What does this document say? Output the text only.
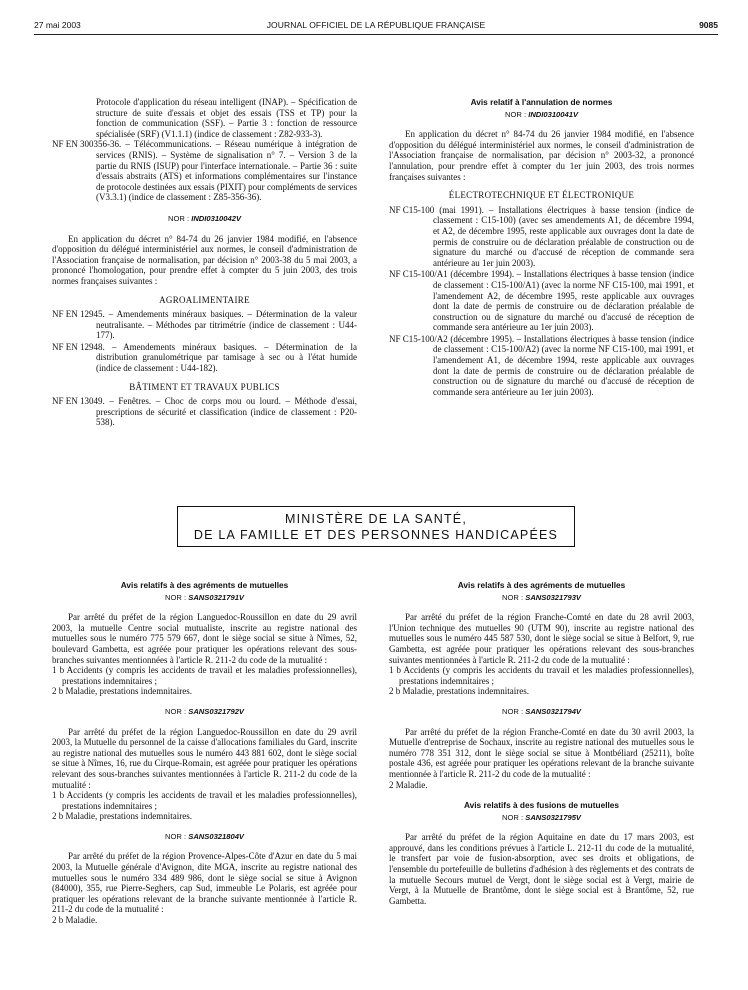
27 mai 2003	JOURNAL OFFICIEL DE LA RÉPUBLIQUE FRANÇAISE	9085

Protocole d'application du réseau intelligent (INAP). – Spécification de structure de suite d'essais et objet des essais (TSS et TP) pour la fonction de communication (SSF). – Partie 3 : fonction de ressource spécialisée (SRF) (V1.1.1) (indice de classement : Z82-933-3).

NF EN 300356-36. – Télécommunications. – Réseau numérique à intégration de services (RNIS). – Système de signalisation n° 7. – Version 3 de la partie du RNIS (ISUP) pour l'interface internationale. – Partie 36 : suite d'essais abstraits (ATS) et informations complémentaires sur l'instance de protocole destinées aux essais (PIXIT) pour compléments de services (V3.3.1) (indice de classement : Z85-356-36).

NOR : INDI0310042V

En application du décret n° 84-74 du 26 janvier 1984 modifié, en l'absence d'opposition du délégué interministériel aux normes, le conseil d'administration de l'Association française de normalisation, par décision n° 2003-38 du 5 mai 2003, a prononcé l'homologation, pour prendre effet à compter du 5 juin 2003, des trois normes françaises suivantes :

AGROALIMENTAIRE

NF EN 12945. – Amendements minéraux basiques. – Détermination de la valeur neutralisante. – Méthodes par titrimétrie (indice de classement : U44-177).

NF EN 12948. – Amendements minéraux basiques. – Détermination de la distribution granulométrique par tamisage à sec ou à l'état humide (indice de classement : U44-182).

BÂTIMENT ET TRAVAUX PUBLICS

NF EN 13049. – Fenêtres. – Choc de corps mou ou lourd. – Méthode d'essai, prescriptions de sécurité et classification (indice de classement : P20-538).

Avis relatif à l'annulation de normes
NOR : INDI0310041V

En application du décret n° 84-74 du 26 janvier 1984 modifié, en l'absence d'opposition du délégué interministériel aux normes, le conseil d'administration de l'Association française de normalisation, par décision n° 2003-32, a prononcé l'annulation, pour prendre effet à compter du 1er juin 2003, des trois normes françaises suivantes :

ÉLECTROTECHNIQUE ET ÉLECTRONIQUE

NF C15-100 (mai 1991). – Installations électriques à basse tension (indice de classement : C15-100) (avec ses amendements A1, de décembre 1994, et A2, de décembre 1995, reste applicable aux ouvrages dont la date de permis de construire ou de déclaration préalable de construction ou de signature du marché ou d'accusé de réception de commande sera antérieure au 1er juin 2003).

NF C15-100/A1 (décembre 1994). – Installations électriques à basse tension (indice de classement : C15-100/A1) (avec la norme NF C15-100, mai 1991, et l'amendement A2, de décembre 1995, reste applicable aux ouvrages dont la date de permis de construire ou de déclaration préalable de construction ou de signature du marché ou d'accusé de réception de commande sera antérieure au 1er juin 2003).

NF C15-100/A2 (décembre 1995). – Installations électriques à basse tension (indice de classement : C15-100/A2) (avec la norme NF C15-100, mai 1991, et l'amendement A1, de décembre 1994, reste applicable aux ouvrages dont la date de permis de construire ou de déclaration préalable de construction ou de signature du marché ou d'accusé de réception de commande sera antérieure au 1er juin 2003).

MINISTÈRE DE LA SANTÉ,
DE LA FAMILLE ET DES PERSONNES HANDICAPÉES
Avis relatifs à des agréments de mutuelles
NOR : SANS0321791V

Par arrêté du préfet de la région Languedoc-Roussillon en date du 29 avril 2003, la mutuelle Centre social mutualiste, inscrite au registre national des mutuelles sous le numéro 775 579 667, dont le siège social se situe à Nîmes, 52, boulevard Gambetta, est agréée pour pratiquer les opérations relevant des sous-branches suivantes mentionnées à l'article R. 211-2 du code de la mutualité :

1 b Accidents (y compris les accidents de travail et les maladies professionnelles), prestations indemnitaires ;

2 b Maladie, prestations indemnitaires.

NOR : SANS0321792V

Par arrêté du préfet de la région Languedoc-Roussillon en date du 29 avril 2003, la Mutuelle du personnel de la caisse d'allocations familiales du Gard, inscrite au registre national des mutuelles sous le numéro 443 881 602, dont le siège social se situe à Nîmes, 16, rue du Cirque-Romain, est agréée pour pratiquer les opérations relevant des sous-branches suivantes mentionnées à l'article R. 211-2 du code de la mutualité :

1 b Accidents (y compris les accidents de travail et les maladies professionnelles), prestations indemnitaires ;

2 b Maladie, prestations indemnitaires.

NOR : SANS0321804V

Par arrêté du préfet de la région Provence-Alpes-Côte d'Azur en date du 5 mai 2003, la Mutuelle générale d'Avignon, dite MGA, inscrite au registre national des mutuelles sous le numéro 334 489 986, dont le siège social se situe à Avignon (84000), 355, rue Pierre-Seghers, cap Sud, immeuble Le Polaris, est agréée pour pratiquer les opérations relevant de la branche suivante mentionnée à l'article R. 211-2 du code de la mutualité :

2 b Maladie.

Avis relatifs à des agréments de mutuelles
NOR : SANS0321793V

Par arrêté du préfet de la région Franche-Comté en date du 28 avril 2003, l'Union technique des mutuelles 90 (UTM 90), inscrite au registre national des mutuelles sous le numéro 445 587 530, dont le siège social se situe à Belfort, 9, rue Gambetta, est agréée pour pratiquer les opérations relevant des sous-branches suivantes mentionnées à l'article R. 211-2 du code de la mutualité :

1 b Accidents (y compris les accidents du travail et les maladies professionnelles), prestations indemnitaires ;

2 b Maladie, prestations indemnitaires.

NOR : SANS0321794V

Par arrêté du préfet de la région Franche-Comté en date du 30 avril 2003, la Mutuelle d'entreprise de Sochaux, inscrite au registre national des mutuelles sous le numéro 778 351 312, dont le siège social se situe à Montbéliard (25211), boîte postale 436, est agréée pour pratiquer les opérations relevant de la branche suivante mentionnée à l'article R. 211-2 du code de la mutualité :

2 Maladie.

Avis relatifs à des fusions de mutuelles
NOR : SANS0321795V

Par arrêté du préfet de la région Aquitaine en date du 17 mars 2003, est approuvé, dans les conditions prévues à l'article L. 212-11 du code de la mutualité, le transfert par voie de fusion-absorption, avec ses droits et obligations, de l'ensemble du portefeuille de bulletins d'adhésion à des règlements et des contrats de la mutuelle Secours mutuel de Vergt, dont le siège social est à Vergt, mairie de Vergt, à la Mutuelle de Brantôme, dont le siège social est à Brantôme, 52, rue Gambetta.
